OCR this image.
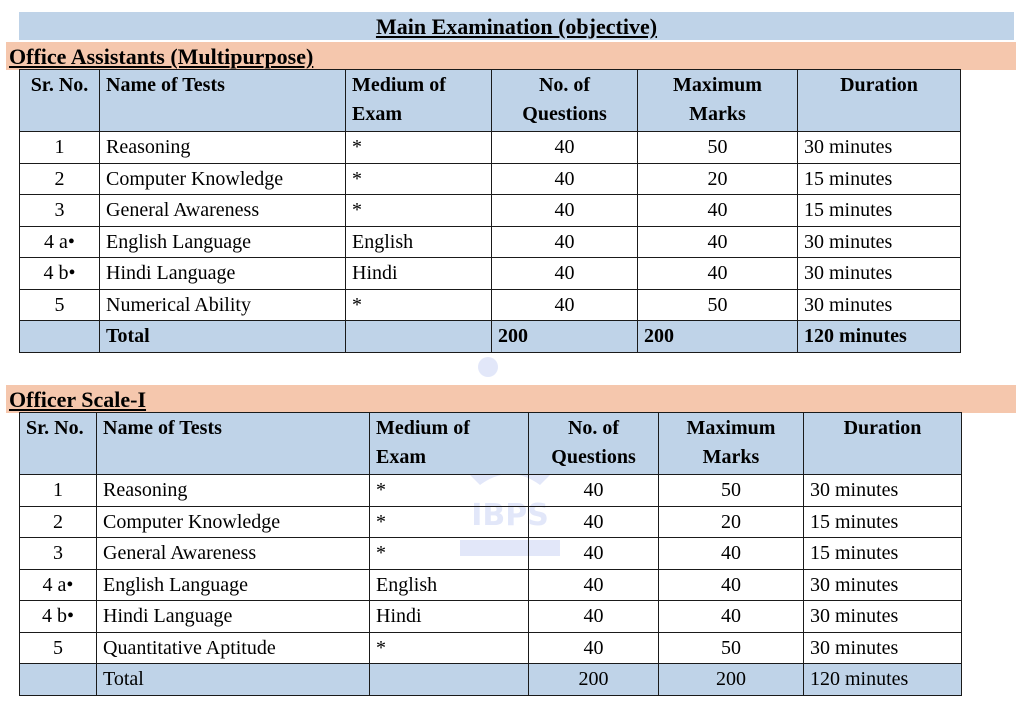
IBPS
Main Examination (objective)
Office Assistants (Multipurpose)
Sr. No.	Name of Tests	Medium of Exam	No. of Questions	Maximum Marks	Duration
1	Reasoning	*	40	50	30 minutes
2	Computer Knowledge	*	40	20	15 minutes
3	General Awareness	*	40	40	15 minutes
4 a•	English Language	English	40	40	30 minutes
4 b•	Hindi Language	Hindi	40	40	30 minutes
5	Numerical Ability	*	40	50	30 minutes
	Total		200	200	120 minutes
Officer Scale-I
Sr. No.	Name of Tests	Medium of Exam	No. of Questions	Maximum Marks	Duration
1	Reasoning	*	40	50	30 minutes
2	Computer Knowledge	*	40	20	15 minutes
3	General Awareness	*	40	40	15 minutes
4 a•	English Language	English	40	40	30 minutes
4 b•	Hindi Language	Hindi	40	40	30 minutes
5	Quantitative Aptitude	*	40	50	30 minutes
	Total		200	200	120 minutes
